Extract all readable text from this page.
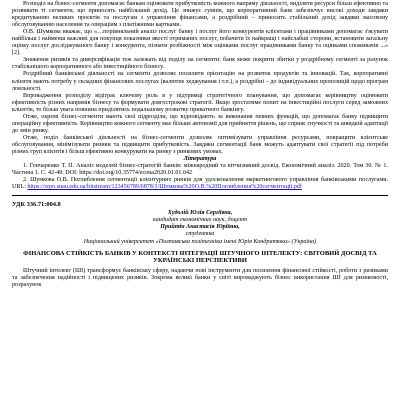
Розподіл на бізнес-сегменти допомагає банкам оцінювати прибутковість кожного напряму діяльності, виділяти ресурси більш ефективно та розвивати ті сегменти, що приносять найбільший дохід. Це знижує сумнів, що корпоративний банк забезпечує високі доходи завдяки кредитуванню великих проєктів та послугам з управління фінансами, а роздрібний – приносить стабільний дохід завдяки масовому обслуговуванню населення та операціям з платіжними картками.

О.В. Шумкова вважає, що «…порівняльний аналіз послуг банку і послуг його конкурентів клієнтами і працівниками допомагає з'ясувати найбільш і найменш важливі для покупця показники якості отриманих послуг, побачити їх найкращі і найслабші сторони, встановити загальну оцінку послуг досліджуваного банку і конкурента, пізнати розбіжності між оцінками послуг працівниками банку та оцінками споживачів ...» [2].

Зниження ризиків та диверсифікація теж залежать від поділу на сегменти: банк може покрити збитки у роздрібному сегменті за рахунок стабільнішого корпоративного або інвестиційного бізнесу.

Роздрібний банківської діяльності на сегменти дозволяє посилити орієнтацію на розвиток продуктів та інновацій. Так, корпоративні клієнти мають потребу у складних фінансових послугах (валютне хеджування і т.п.), а роздрібні – до індивідуальних пропозицій щодо програм лояльності.

Впровадження розподілу відіграє ключову роль в у підтримці стратегічного планування, що допомагає керівництву оцінювати ефективність різних напрямів бізнесу та формувати довгострокові стратегії. Якщо зростатиме попит на інвестиційні послуги серед заможних клієнтів, то більш увага повинна приділятись подальшому розвитку приватного банкінгу.

Отже, окремі бізнес-сегменти мають свої підрозділи, що відповідають за виконання певних функцій, що допомагає банку підвищити операційну ефективність. Керівництво кожного сегменту має більше автономії для прийняття рішень, що сприяє гнучкості та швидкій адаптації до змін ринку.

Отже, поділ банківської діяльності на бізнес-сегменти дозволяє оптимізувати управління ресурсами, покращити клієнтське обслуговування, мінімізувати ризики та підвищити прибутковість. Завдяки сегментації банк можуть адаптувати свої стратегії під потреби різних груп клієнтів і більш ефективно конкурувати на ринку з ринкових умовах.

Література

1. Гончаренко Т. П. Аналіз моделей бізнес-стратегій банків: міжнародний та вітчизняний досвід. Економічний аналіз. 2020. Том 30. № 1. Частина 1. С. 42-49. DOI: https://doi.org/10.35774/econa2020.01.01.042
2. Шумкова О.В. Поглиблення сегментації клієнтурних ринків для удосконалення маркетингового управління банківськими послугами. URL: https://repo.snau.edu.ua/bitstream/123456789/6878/1/Шумкова%20О.В.%20Поглиблення%20сегментації.pdf
УДК 336.71:004.8
Худолій Юлія Сергіївна,
кандидат економічних наук, доцент
Прийтін Анастасія Юріївна,
студентка
Національний університет «Полтавська політехніка імені Юрія Кондратюка» (Україна)
ФІНАНСОВА СТІЙКІСТЬ БАНКІВ У КОНТЕКСТІ ІНТЕГРАЦІЇ ШТУЧНОГО ІНТЕЛЕКТУ: СВІТОВИЙ ДОСВІД ТА УКРАЇНСЬКІ ПЕРСПЕКТИВИ

Штучний інтелект (ШІ) трансформує банківську сферу, надаючи нові інструменти для посилення фінансової стійкості, роботи з ризиками та забезпечення надійності і підвищених ризиків. Зокрема великі банки у світі впроваджують бізнес використання ШІ для ризиковості, розрахунок
